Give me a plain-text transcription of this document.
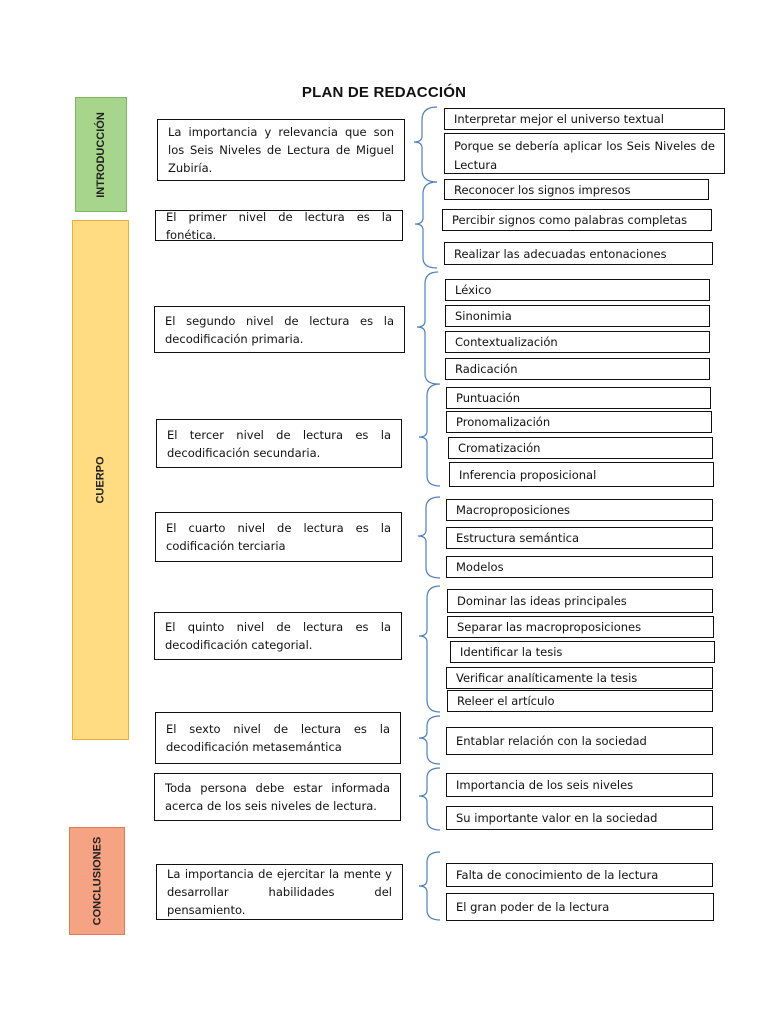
PLAN DE REDACCIÓN
INTRODUCCIÓN
CUERPO
CONCLUSIONES
La importancia y relevancia que son los Seis Niveles de Lectura de Miguel Zubiría.
Interpretar mejor el universo textual
Porque se debería aplicar los Seis Niveles de Lectura
El primer nivel de lectura es la fonética.
Reconocer los signos impresos
Percibir signos como palabras completas
Realizar las adecuadas entonaciones
El segundo nivel de lectura es la decodificación primaria.
Léxico
Sinonimia
Contextualización
Radicación
El tercer nivel de lectura es la decodificación secundaria.
Puntuación
Pronomalización
Cromatización
Inferencia proposicional
El cuarto nivel de lectura es la codificación terciaria
Macroproposiciones
Estructura semántica
Modelos
El quinto nivel de lectura es la decodificación categorial.
Dominar las ideas principales
Separar las macroproposiciones
Identificar la tesis
Verificar analíticamente la tesis
Releer el artículo
El sexto nivel de lectura es la decodificación metasemántica	Entablar relación con la sociedad
Toda persona debe estar informada acerca de los seis niveles de lectura.
Importancia de los seis niveles
Su importante valor en la sociedad
La importancia de ejercitar la mente y desarrollar habilidades del pensamiento.
Falta de conocimiento de la lectura
El gran poder de la lectura
